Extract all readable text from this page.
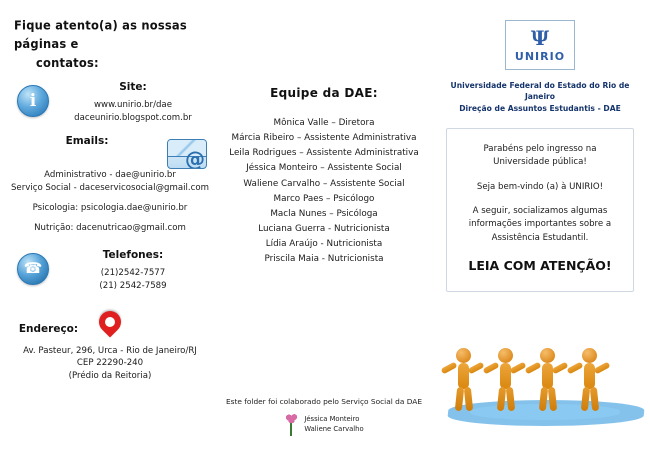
Fique atento(a) as nossas páginas e
contatos:
i
Site:
www.unirio.br/dae
daceunirio.blogspot.com.br
Emails:
@
Administrativo - dae@unirio.br
Serviço Social - daceservicosocial@gmail.com
Psicologia: psicologia.dae@unirio.br
Nutrição: dacenutricao@gmail.com
☎
Telefones:
(21)2542-7577
(21) 2542-7589
Endereço:
Av. Pasteur, 296, Urca - Rio de Janeiro/RJ
CEP 22290-240
(Prédio da Reitoria)
Equipe da DAE:
Mônica Valle – Diretora
Márcia Ribeiro – Assistente Administrativa
Leila Rodrigues – Assistente Administrativa
Jéssica Monteiro – Assistente Social
Waliene Carvalho – Assistente Social
Marco Paes – Psicólogo
Macla Nunes – Psicóloga
Luciana Guerra - Nutricionista
Lídia Araújo - Nutricionista
Priscila Maia - Nutricionista
Este folder foi colaborado pelo Serviço Social da DAE
Jéssica Monteiro
Waliene Carvalho
Ψ
UNIRIO
Universidade Federal do Estado do Rio de Janeiro
Direção de Assuntos Estudantis - DAE

Parabéns pelo ingresso na Universidade pública!

Seja bem-vindo (a) à UNIRIO!

A seguir, socializamos algumas informações importantes sobre a Assistência Estudantil.

LEIA COM ATENÇÃO!
